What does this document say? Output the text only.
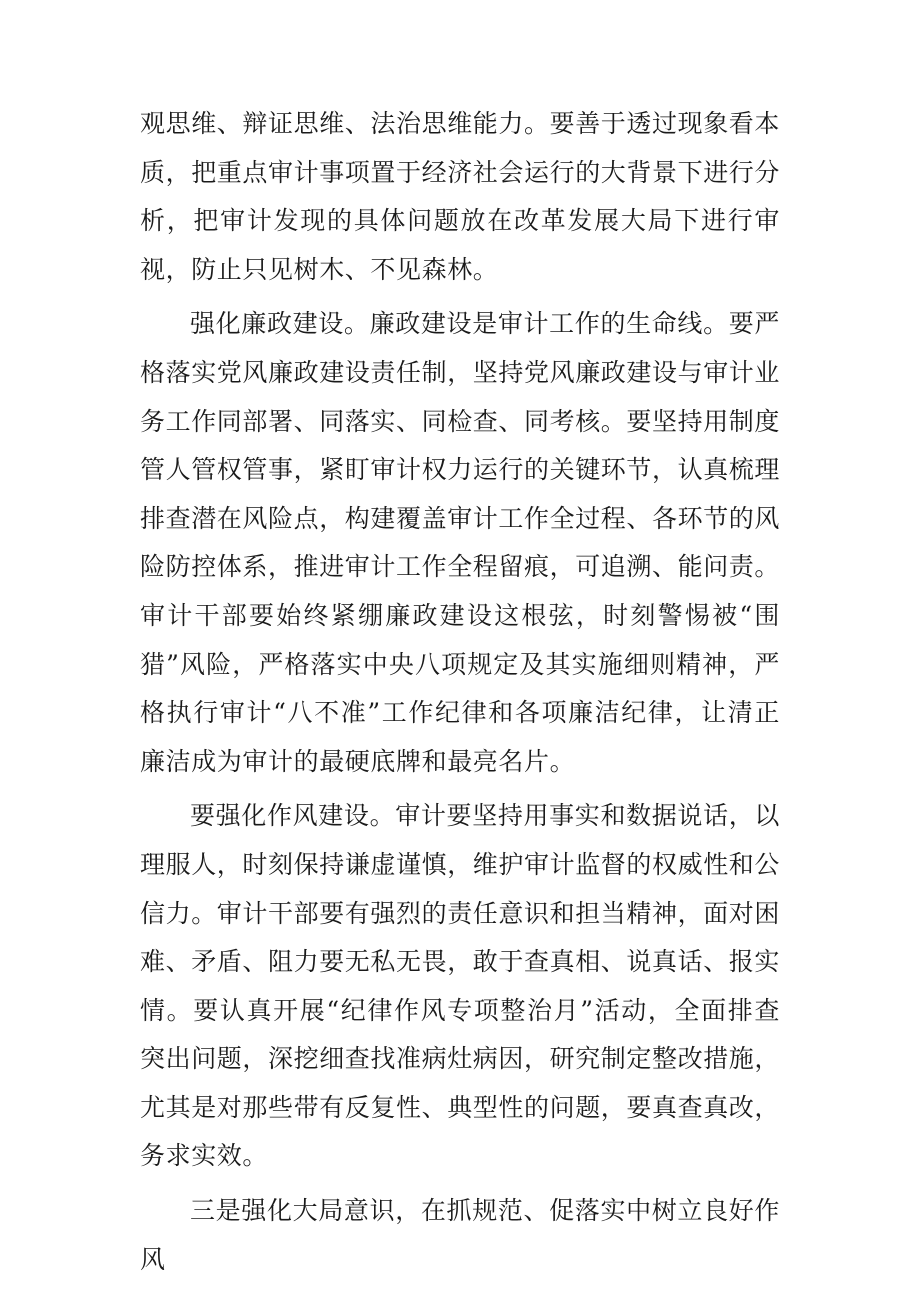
观思维、辩证思维、法治思维能力。要善于透过现象看本质，把重点审计事项置于经济社会运行的大背景下进行分析，把审计发现的具体问题放在改革发展大局下进行审视，防止只见树木、不见森林。

强化廉政建设。廉政建设是审计工作的生命线。要严格落实党风廉政建设责任制，坚持党风廉政建设与审计业务工作同部署、同落实、同检查、同考核。要坚持用制度管人管权管事，紧盯审计权力运行的关键环节，认真梳理排查潜在风险点，构建覆盖审计工作全过程、各环节的风险防控体系，推进审计工作全程留痕，可追溯、能问责。审计干部要始终紧绷廉政建设这根弦，时刻警惕被“围猎”风险，严格落实中央八项规定及其实施细则精神，严格执行审计“八不准”工作纪律和各项廉洁纪律，让清正廉洁成为审计的最硬底牌和最亮名片。

要强化作风建设。审计要坚持用事实和数据说话，以理服人，时刻保持谦虚谨慎，维护审计监督的权威性和公信力。审计干部要有强烈的责任意识和担当精神，面对困难、矛盾、阻力要无私无畏，敢于查真相、说真话、报实情。要认真开展“纪律作风专项整治月”活动，全面排查突出问题，深挖细查找准病灶病因，研究制定整改措施，尤其是对那些带有反复性、典型性的问题，要真查真改，务求实效。

三是强化大局意识，在抓规范、促落实中树立良好作风
